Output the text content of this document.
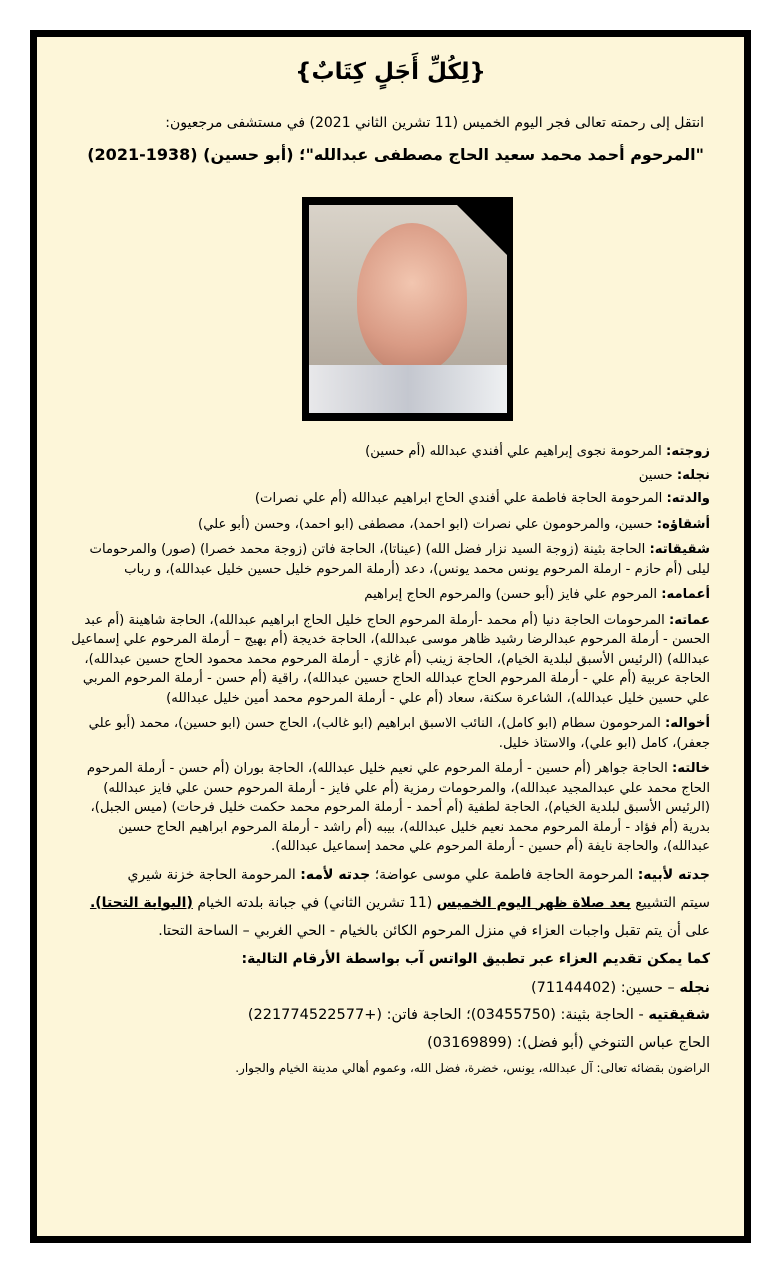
{لِكُلِّ أَجَلٍ كِتَابٌ}
انتقل إلى رحمته تعالى فجر اليوم الخميس (11 تشرين الثاني 2021) في مستشفى مرجعيون:
"المرحوم أحمد محمد سعيد الحاج مصطفى عبدالله"؛ (أبو حسين) (1938-2021)
زوجته: المرحومة نجوى إبراهيم علي أفندي عبدالله (أم حسين)
نجله: حسين
والدته: المرحومة الحاجة فاطمة علي أفندي الحاج ابراهيم عبدالله (أم علي نصرات)
أشقاؤه: حسين، والمرحومون علي نصرات (ابو احمد)، مصطفى (ابو احمد)، وحسن (أبو علي)
شقيقاته: الحاجة بثينة (زوجة السيد نزار فضل الله) (عيناتا)، الحاجة فاتن (زوجة محمد خصرا) (صور) والمرحومات ليلى (أم حازم - ارملة المرحوم يونس محمد يونس)، دعد (أرملة المرحوم خليل حسين خليل عبدالله)، و رباب
أعمامه: المرحوم علي فايز (أبو حسن) والمرحوم الحاج إبراهيم
عماته: المرحومات الحاجة دنيا (أم محمد -أرملة المرحوم الحاج خليل الحاج ابراهيم عبدالله)، الحاجة شاهينة (أم عبد الحسن - أرملة المرحوم عبدالرضا رشيد ظاهر موسى عبدالله)، الحاجة خديجة (أم بهيج – أرملة المرحوم علي إسماعيل عبدالله) (الرئيس الأسبق لبلدية الخيام)، الحاجة زينب (أم غازي - أرملة المرحوم محمد محمود الحاج حسين عبدالله)، الحاجة عربية (أم علي - أرملة المرحوم الحاج عبدالله الحاج حسين عبدالله)، راقية (أم حسن - أرملة المرحوم المربي علي حسين خليل عبدالله)، الشاعرة سكنة، سعاد (أم علي - أرملة المرحوم محمد أمين خليل عبدالله)
أخواله: المرحومون سطام (ابو كامل)، النائب الاسبق ابراهيم (ابو غالب)، الحاج حسن (ابو حسين)، محمد (أبو علي جعفر)، كامل (ابو علي)، والاستاذ خليل.
خالته: الحاجة جواهر (أم حسين - أرملة المرحوم علي نعيم خليل عبدالله)، الحاجة بوران (أم حسن - أرملة المرحوم الحاج محمد علي عبدالمجيد عبدالله)، والمرحومات رمزية (أم علي فايز - أرملة المرحوم حسن علي فايز عبدالله) (الرئيس الأسبق لبلدية الخيام)، الحاجة لطفية (أم أحمد - أرملة المرحوم محمد حكمت خليل فرحات) (ميس الجبل)، بدرية (أم فؤاد - أرملة المرحوم محمد نعيم خليل عبدالله)، بيبه (أم راشد - أرملة المرحوم ابراهيم الحاج حسين عبدالله)، والحاجة نايفة (أم حسين - أرملة المرحوم علي محمد إسماعيل عبدالله).
جدته لأبيه: المرحومة الحاجة فاطمة علي موسى عواضة؛ جدته لأمه: المرحومة الحاجة خزنة شيري
سيتم التشييع بعد صلاة ظهر اليوم الخميس (11 تشرين الثاني) في جبانة بلدته الخيام (البوابة التحتا).
على أن يتم تقبل واجبات العزاء في منزل المرحوم الكائن بالخيام - الحي الغربي – الساحة التحتا.
كما يمكن تقديم العزاء عبر تطبيق الواتس آب بواسطة الأرقام التالية:
نجله – حسين: (71144402)
شقيقتيه - الحاجة بثينة: (03455750)؛ الحاجة فاتن: (+221774522577)
الحاج عباس التنوخي (أبو فضل): (03169899)
الراضون بقضائه تعالى: آل عبدالله، يونس، خضرة، فضل الله، وعموم أهالي مدينة الخيام والجوار.
